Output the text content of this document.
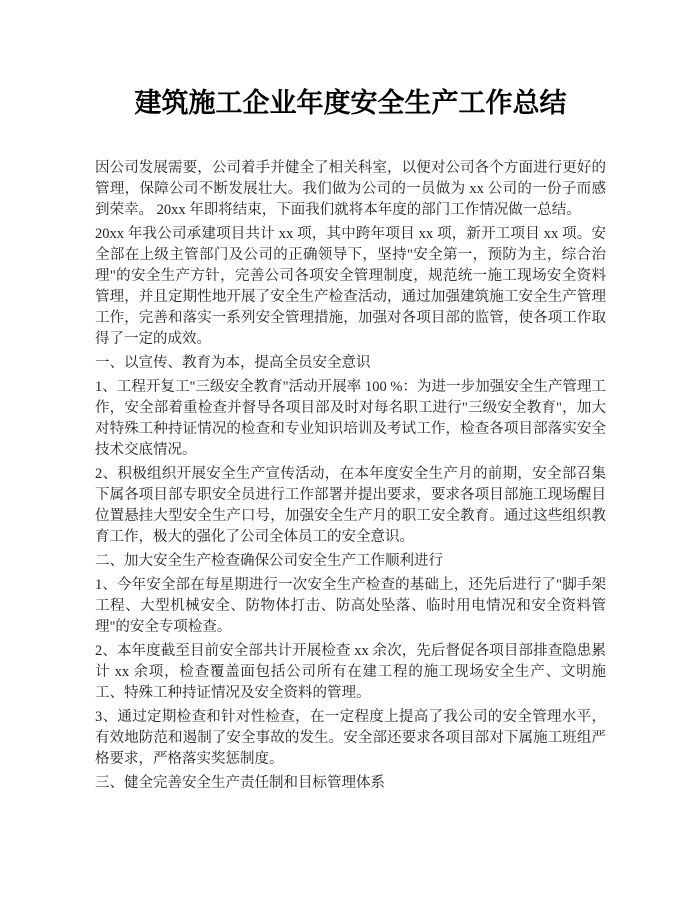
建筑施工企业年度安全生产工作总结

因公司发展需要，公司着手并健全了相关科室，以便对公司各个方面进行更好的管理，保障公司不断发展壮大。我们做为公司的一员做为 xx 公司的一份子而感到荣幸。 20xx 年即将结束，下面我们就将本年度的部门工作情况做一总结。

20xx 年我公司承建项目共计 xx 项，其中跨年项目 xx 项，新开工项目 xx 项。安全部在上级主管部门及公司的正确领导下，坚持"安全第一，预防为主，综合治理"的安全生产方针，完善公司各项安全管理制度，规范统一施工现场安全资料管理，并且定期性地开展了安全生产检查活动，通过加强建筑施工安全生产管理工作，完善和落实一系列安全管理措施，加强对各项目部的监管，使各项工作取得了一定的成效。

一、以宣传、教育为本，提高全员安全意识

1、工程开复工"三级安全教育"活动开展率 100 %：为进一步加强安全生产管理工作，安全部着重检查并督导各项目部及时对每名职工进行"三级安全教育"，加大对特殊工种持证情况的检查和专业知识培训及考试工作，检查各项目部落实安全技术交底情况。

2、积极组织开展安全生产宣传活动，在本年度安全生产月的前期，安全部召集下属各项目部专职安全员进行工作部署并提出要求，要求各项目部施工现场醒目位置悬挂大型安全生产口号，加强安全生产月的职工安全教育。通过这些组织教育工作，极大的强化了公司全体员工的安全意识。

二、加大安全生产检查确保公司安全生产工作顺利进行

1、今年安全部在每星期进行一次安全生产检查的基础上，还先后进行了"脚手架工程、大型机械安全、防物体打击、防高处坠落、临时用电情况和安全资料管理"的安全专项检查。

2、本年度截至目前安全部共计开展检查 xx 余次，先后督促各项目部排查隐患累计 xx 余项，检查覆盖面包括公司所有在建工程的施工现场安全生产、文明施工、特殊工种持证情况及安全资料的管理。

3、通过定期检查和针对性检查，在一定程度上提高了我公司的安全管理水平，有效地防范和遏制了安全事故的发生。安全部还要求各项目部对下属施工班组严格要求，严格落实奖惩制度。

三、健全完善安全生产责任制和目标管理体系
